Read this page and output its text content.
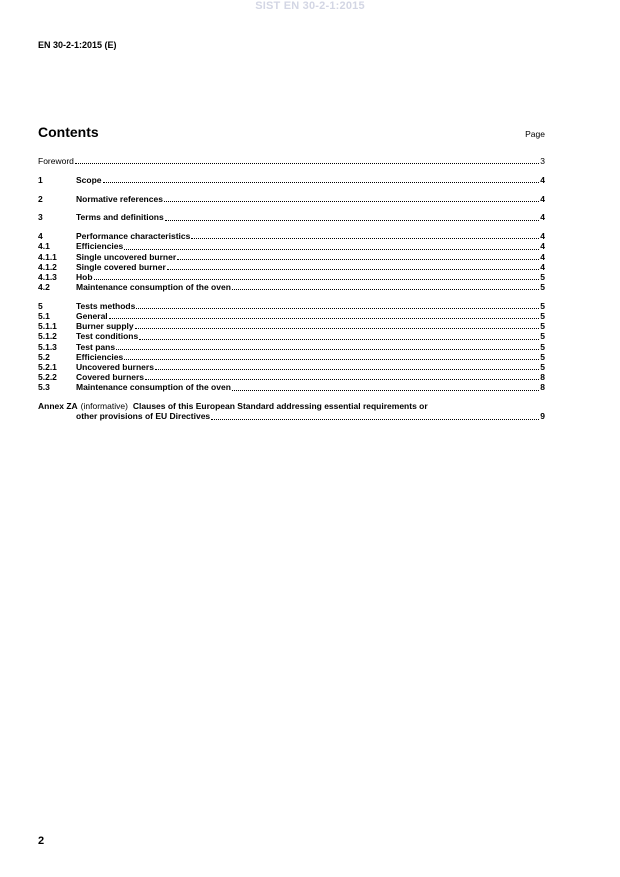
SIST EN 30-2-1:2015
EN 30-2-1:2015 (E)
Contents	Page
Foreword	3
1	Scope	4
2	Normative references	4
3	Terms and definitions	4
4	Performance characteristics	4
4.1	Efficiencies	4
4.1.1	Single uncovered burner	4
4.1.2	Single covered burner	4
4.1.3	Hob	5
4.2	Maintenance consumption of the oven	5
5	Tests methods	5
5.1	General	5
5.1.1	Burner supply	5
5.1.2	Test conditions	5
5.1.3	Test pans	5
5.2	Efficiencies	5
5.2.1	Uncovered burners	5
5.2.2	Covered burners	8
5.3	Maintenance consumption of the oven	8
Annex ZA (informative) Clauses of this European Standard addressing essential requirements or
other provisions of EU Directives	9
2
